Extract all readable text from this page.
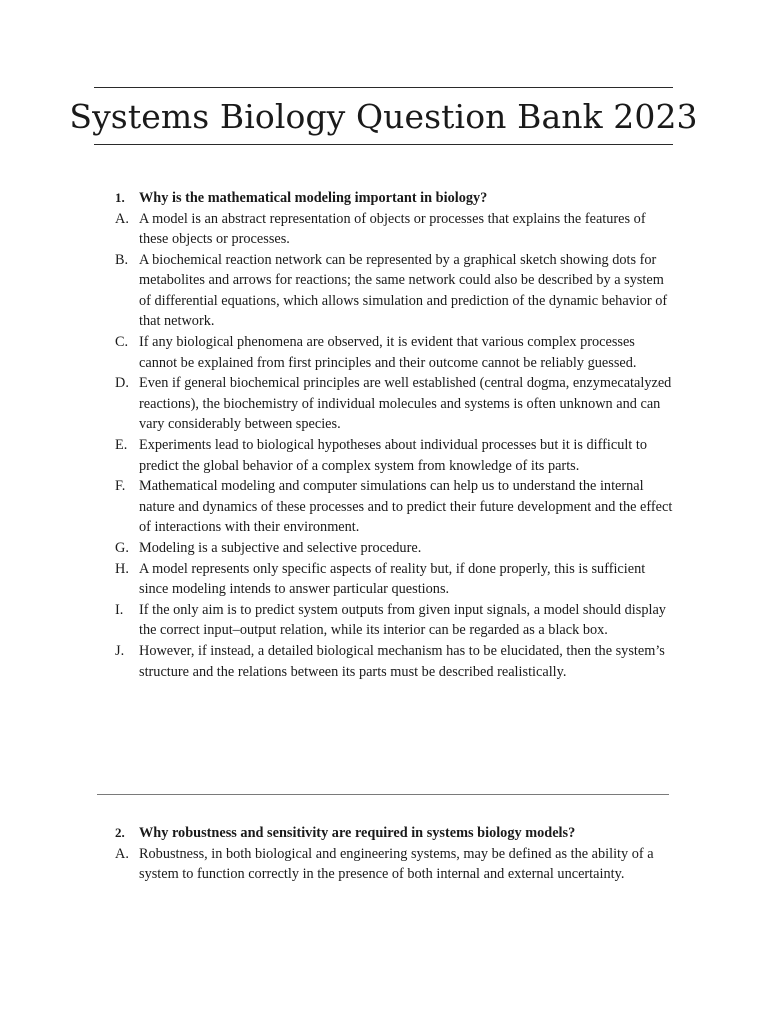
Systems Biology Question Bank 2023
1. Why is the mathematical modeling important in biology?
A. A model is an abstract representation of objects or processes that explains the features of these objects or processes.
B. A biochemical reaction network can be represented by a graphical sketch showing dots for metabolites and arrows for reactions; the same network could also be described by a system of differential equations, which allows simulation and prediction of the dynamic behavior of that network.
C. If any biological phenomena are observed, it is evident that various complex processes cannot be explained from first principles and their outcome cannot be reliably guessed.
D. Even if general biochemical principles are well established (central dogma, enzymecatalyzed reactions), the biochemistry of individual molecules and systems is often unknown and can vary considerably between species.
E. Experiments lead to biological hypotheses about individual processes but it is difficult to predict the global behavior of a complex system from knowledge of its parts.
F. Mathematical modeling and computer simulations can help us to understand the internal nature and dynamics of these processes and to predict their future development and the effect of interactions with their environment.
G. Modeling is a subjective and selective procedure.
H. A model represents only specific aspects of reality but, if done properly, this is sufficient since modeling intends to answer particular questions.
I.	If the only aim is to predict system outputs from given input signals, a model should display the correct input–output relation, while its interior can be regarded as a black box.
J.	However, if instead, a detailed biological mechanism has to be elucidated, then the system’s structure and the relations between its parts must be described realistically.
2. Why robustness and sensitivity are required in systems biology models?
A. Robustness, in both biological and engineering systems, may be defined as the ability of a system to function correctly in the presence of both internal and external uncertainty.
